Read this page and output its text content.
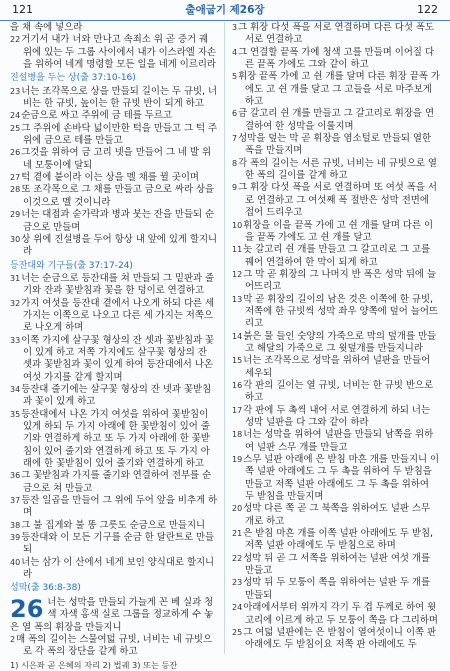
121	출애굽기 제26장	122

을 채 속에 넣으라

22거기서 내가 너와 만나고 속죄소 위 곧 증거 궤 위에 있는 두 그룹 사이에서 내가 이스라엘 자손을 위하여 네게 명령할 모든 일을 네게 이르리라

진설병을 두는 상(출 37:10-16)

23너는 조각목으로 상을 만들되 길이는 두 규빗, 너비는 한 규빗, 높이는 한 규빗 반이 되게 하고

24순금으로 싸고 주위에 금 테를 두르고

25그 주위에 손바닥 넓이만한 턱을 만들고 그 턱 주위에 금으로 테를 만들고

26그것을 위하여 금 고리 넷을 만들어 그 네 발 위 네 모퉁이에 달되

27턱 곁에 붙이라 이는 상을 멜 채를 뀔 곳이며

28또 조각목으로 그 채를 만들고 금으로 싸라 상을 이것으로 멜 것이니라

29너는 대접과 숟가락과 병과 붓는 잔을 만들되 순금으로 만들며

30상 위에 진설병을 두어 항상 내 앞에 있게 할지니라

등잔대와 기구들(출 37:17-24)

31너는 순금으로 등잔대를 쳐 만들되 그 밑판과 줄기와 잔과 꽃받침과 꽃을 한 덩이로 연결하고

32가지 여섯을 등잔대 곁에서 나오게 하되 다른 세 가지는 이쪽으로 나오고 다른 세 가지는 저쪽으로 나오게 하며

33이쪽 가지에 살구꽃 형상의 잔 셋과 꽃받침과 꽃이 있게 하고 저쪽 가지에도 살구꽃 형상의 잔 셋과 꽃받침과 꽃이 있게 하여 등잔대에서 나온 여섯 가지를 같게 할지며

34등잔대 줄기에는 살구꽃 형상의 잔 넷과 꽃받침과 꽃이 있게 하고

35등잔대에서 나온 가지 여섯을 위하여 꽃받침이 있게 하되 두 가지 아래에 한 꽃받침이 있어 줄기와 연결하게 하고 또 두 가지 아래에 한 꽃받침이 있어 줄기와 연결하게 하고 또 두 가지 아래에 한 꽃받침이 있어 줄기와 연결하게 하고

36그 꽃받침과 가지를 줄기와 연결하여 전부를 순금으로 쳐 만들고

37등잔 일곱을 만들어 그 위에 두어 앞을 비추게 하며

38그 불 집게와 불 똥 그릇도 순금으로 만들지니

39등잔대와 이 모든 기구를 순금 한 달란트로 만들되

40너는 삼가 이 산에서 네게 보인 양식대로 할지니라

성막(출 36:8-38)
26 너는 성막을 만들되 가늘게 꼰 베 실과 청색 자색 홍색 실로 그룹을 정교하게 수 놓은 열 폭의 휘장을 만들지니

2매 폭의 길이는 스물여덟 규빗, 너비는 네 규빗으로 각 폭의 장단을 같게 하고

1) 시은좌 곧 은혜의 자리 2) 법궤 3) 또는 등잔

3그 휘장 다섯 폭을 서로 연결하며 다른 다섯 폭도 서로 연결하고

4그 연결할 끝폭 가에 청색 고를 만들며 이어질 다른 끝폭 가에도 그와 같이 하고

5휘장 끝폭 가에 고 쉰 개를 달며 다른 휘장 끝폭 가에도 고 쉰 개를 달고 그 고들을 서로 마주보게 하고

6금 갈고리 쉰 개를 만들고 그 갈고리로 휘장을 연결하여 한 성막을 이룰지며

7성막을 덮는 막 곧 휘장을 염소털로 만들되 열한 폭을 만들지며

8각 폭의 길이는 서른 규빗, 너비는 네 규빗으로 열한 폭의 길이를 같게 하고

9그 휘장 다섯 폭을 서로 연결하며 또 여섯 폭을 서로 연결하고 그 여섯째 폭 절반은 성막 전면에 접어 드리우고

10휘장을 이을 끝폭 가에 고 쉰 개를 달며 다른 이을 끝폭 가에도 고 쉰 개를 달고

11놋 갈고리 쉰 개를 만들고 그 갈고리로 그 고를 꿰어 연결하여 한 막이 되게 하고

12그 막 곧 휘장의 그 나머지 반 폭은 성막 뒤에 늘어뜨리고

13막 곧 휘장의 길이의 남은 것은 이쪽에 한 규빗, 저쪽에 한 규빗씩 성막 좌우 양쪽에 덮어 늘어뜨리고

14붉은 물 들인 숫양의 가죽으로 막의 덮개를 만들고 해달의 가죽으로 그 윗덮개를 만들지니라

15너는 조각목으로 성막을 위하여 널판을 만들어 세우되

16각 판의 길이는 열 규빗, 너비는 한 규빗 반으로 하고

17각 판에 두 촉씩 내어 서로 연결하게 하되 너는 성막 널판을 다 그와 같이 하라

18너는 성막을 위하여 널판을 만들되 남쪽을 위하여 널판 스무 개를 만들고

19스무 널판 아래에 은 받침 마흔 개를 만들지니 이쪽 널판 아래에도 그 두 촉을 위하여 두 받침을 만들고 저쪽 널판 아래에도 그 두 촉을 위하여 두 받침을 만들지며

20성막 다른 쪽 곧 그 북쪽을 위하여도 널판 스무 개로 하고

21은 받침 마흔 개를 이쪽 널판 아래에도 두 받침, 저쪽 널판 아래에도 두 받침으로 하며

22성막 뒤 곧 그 서쪽을 위하여는 널판 여섯 개를 만들고

23성막 뒤 두 모퉁이 쪽을 위하여는 널판 두 개를 만들되

24아래에서부터 위까지 각기 두 겹 두께로 하여 윗고리에 이르게 하고 두 모퉁이 쪽을 다 그리하며

25그 여덟 널판에는 은 받침이 열여섯이니 이쪽 판 아래에도 두 받침이요 저쪽 판 아래에도 두
